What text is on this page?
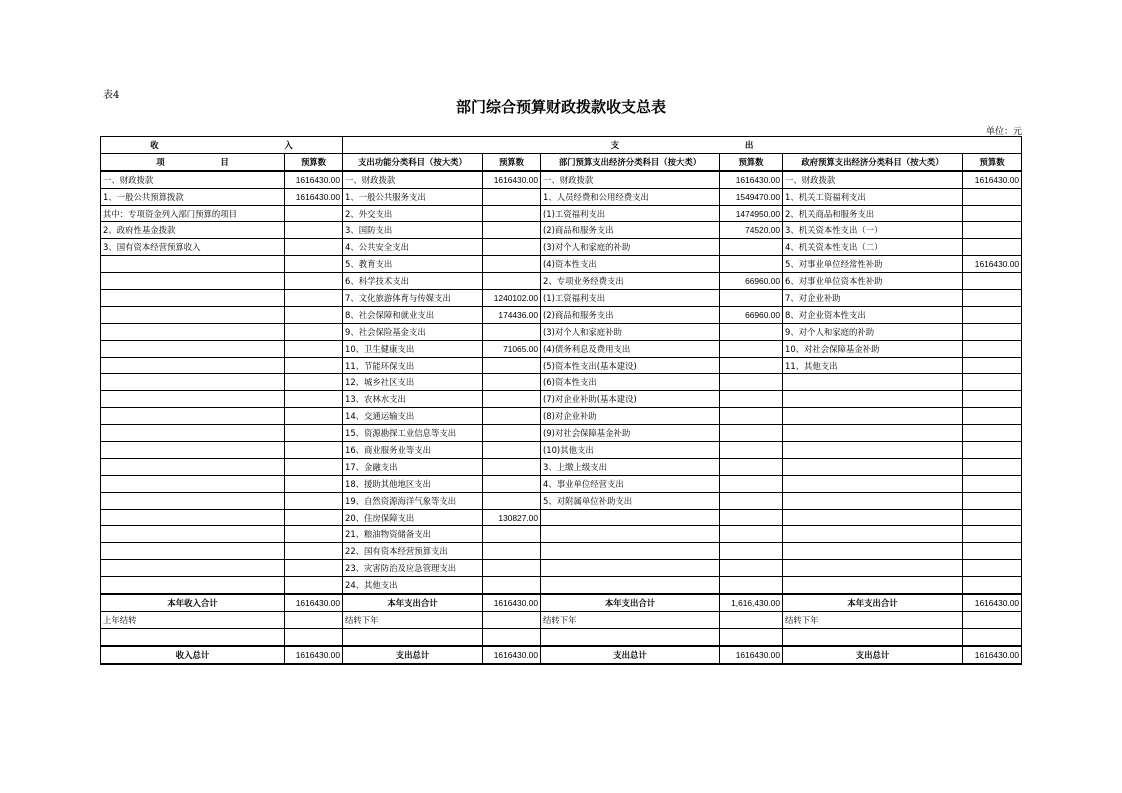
表4
部门综合预算财政拨款收支总表
单位：元
收 入		支 出					
项 目	预算数	支出功能分类科目（按大类）	预算数	部门预算支出经济分类科目（按大类）	预算数	政府预算支出经济分类科目（按大类）	预算数
一、财政拨款	1616430.00	一、财政拨款	1616430.00	一、财政拨款	1616430.00	一、财政拨款	1616430.00
1、一般公共预算拨款	1616430.00	1、一般公共服务支出		1、人员经费和公用经费支出	1549470.00	1、机关工资福利支出	
其中：专项资金列入部门预算的项目		2、外交支出		(1)工资福利支出	1474950.00	2、机关商品和服务支出	
2、政府性基金拨款		3、国防支出		(2)商品和服务支出	74520.00	3、机关资本性支出（一）	
3、国有资本经营预算收入		4、公共安全支出		(3)对个人和家庭的补助		4、机关资本性支出（二）	
		5、教育支出		(4)资本性支出		5、对事业单位经常性补助	1616430.00
		6、科学技术支出		2、专项业务经费支出	66960.00	6、对事业单位资本性补助	
		7、文化旅游体育与传媒支出	1240102.00	(1)工资福利支出		7、对企业补助	
		8、社会保障和就业支出	174436.00	(2)商品和服务支出	66960.00	8、对企业资本性支出	
		9、社会保险基金支出		(3)对个人和家庭补助		9、对个人和家庭的补助	
		10、卫生健康支出	71065.00	(4)债务利息及费用支出		10、对社会保障基金补助	
		11、节能环保支出		(5)资本性支出(基本建设)		11、其他支出	
		12、城乡社区支出		(6)资本性支出			
		13、农林水支出		(7)对企业补助(基本建设)			
		14、交通运输支出		(8)对企业补助			
		15、资源勘探工业信息等支出		(9)对社会保障基金补助			
		16、商业服务业等支出		(10)其他支出			
		17、金融支出		3、上缴上级支出			
		18、援助其他地区支出		4、事业单位经营支出			
		19、自然资源海洋气象等支出		5、对附属单位补助支出			
		20、住房保障支出	130827.00				
		21、粮油物资储备支出					
		22、国有资本经营预算支出					
		23、灾害防治及应急管理支出					
		24、其他支出					
本年收入合计	1616430.00	本年支出合计	1616430.00	本年支出合计	1,616,430.00	本年支出合计	1616430.00
上年结转		结转下年		结转下年		结转下年	

收入总计	1616430.00	支出总计	1616430.00	支出总计	1616430.00	支出总计	1616430.00
